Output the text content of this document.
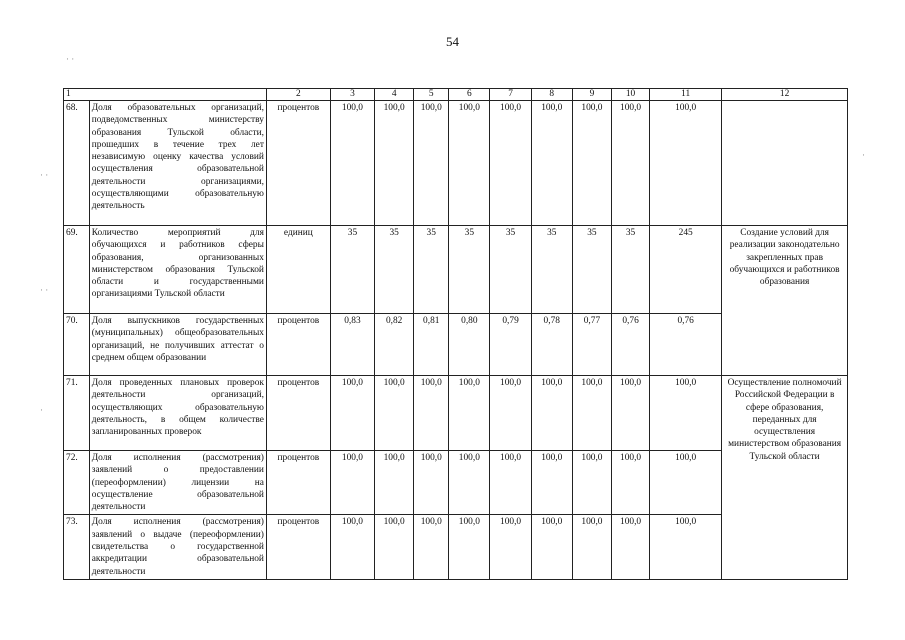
54
1		2	3	4	5	6	7	8	9	10	11	12
68.	Доля образовательных организаций, подведомственных министерству образования Тульской области, прошедших в течение трех лет независимую оценку качества условий осуществления образовательной деятельности организациями, осуществляющими образовательную деятельность	процентов	100,0	100,0	100,0	100,0	100,0	100,0	100,0	100,0	100,0	
69.	Количество мероприятий для обучающихся и работников сферы образования, организованных министерством образования Тульской области и государственными организациями Тульской области	единиц	35	35	35	35	35	35	35	35	245	Создание условий для реализации законодательно закрепленных прав обучающихся и работников образования
70.	Доля выпускников государственных (муниципальных) общеобразовательных организаций, не получивших аттестат о среднем общем образовании	процентов	0,83	0,82	0,81	0,80	0,79	0,78	0,77	0,76	0,76	
71.	Доля проведенных плановых проверок деятельности организаций, осуществляющих образовательную деятельность, в общем количестве запланированных проверок	процентов	100,0	100,0	100,0	100,0	100,0	100,0	100,0	100,0	100,0	Осуществление полномочий Российской Федерации в сфере образования, переданных для осуществления министерством образования Тульской области
72.	Доля исполнения (рассмотрения) заявлений о предоставлении (переоформлении) лицензии на осуществление образовательной деятельности	процентов	100,0	100,0	100,0	100,0	100,0	100,0	100,0	100,0	100,0	
73.	Доля исполнения (рассмотрения) заявлений о выдаче (переоформлении) свидетельства о государственной аккредитации образовательной деятельности	процентов	100,0	100,0	100,0	100,0	100,0	100,0	100,0	100,0	100,0	
· ·
· ·
· ·
·
·
